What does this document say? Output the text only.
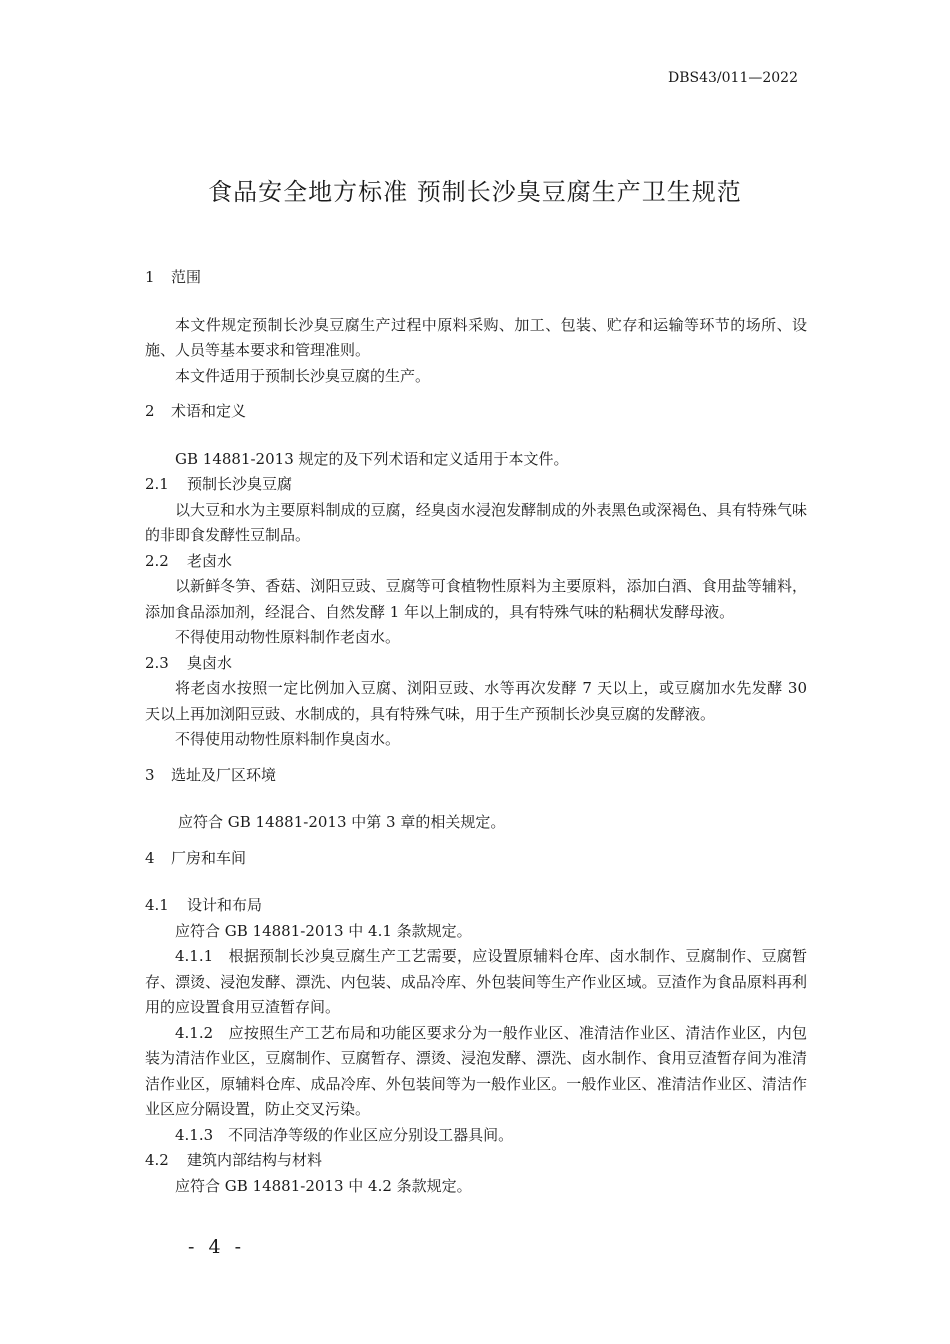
DBS43/011—2022
食品安全地方标准 预制长沙臭豆腐生产卫生规范

1 范围

本文件规定预制长沙臭豆腐生产过程中原料采购、加工、包装、贮存和运输等环节的场所、设施、人员等基本要求和管理准则。

本文件适用于预制长沙臭豆腐的生产。

2 术语和定义

GB 14881-2013 规定的及下列术语和定义适用于本文件。

2.1 预制长沙臭豆腐

以大豆和水为主要原料制成的豆腐，经臭卤水浸泡发酵制成的外表黑色或深褐色、具有特殊气味的非即食发酵性豆制品。

2.2 老卤水

以新鲜冬笋、香菇、浏阳豆豉、豆腐等可食植物性原料为主要原料，添加白酒、食用盐等辅料，添加食品添加剂，经混合、自然发酵 1 年以上制成的，具有特殊气味的粘稠状发酵母液。

不得使用动物性原料制作老卤水。

2.3 臭卤水

将老卤水按照一定比例加入豆腐、浏阳豆豉、水等再次发酵 7 天以上，或豆腐加水先发酵 30 天以上再加浏阳豆豉、水制成的，具有特殊气味，用于生产预制长沙臭豆腐的发酵液。

不得使用动物性原料制作臭卤水。

3 选址及厂区环境

应符合 GB 14881-2013 中第 3 章的相关规定。

4 厂房和车间

4.1 设计和布局

应符合 GB 14881-2013 中 4.1 条款规定。

4.1.1　根据预制长沙臭豆腐生产工艺需要，应设置原辅料仓库、卤水制作、豆腐制作、豆腐暂存、漂烫、浸泡发酵、漂洗、内包装、成品冷库、外包装间等生产作业区域。豆渣作为食品原料再利用的应设置食用豆渣暂存间。

4.1.2　应按照生产工艺布局和功能区要求分为一般作业区、准清洁作业区、清洁作业区，内包装为清洁作业区，豆腐制作、豆腐暂存、漂烫、浸泡发酵、漂洗、卤水制作、食用豆渣暂存间为准清洁作业区，原辅料仓库、成品冷库、外包装间等为一般作业区。一般作业区、准清洁作业区、清洁作业区应分隔设置，防止交叉污染。

4.1.3　不同洁净等级的作业区应分别设工器具间。

4.2 建筑内部结构与材料

应符合 GB 14881-2013 中 4.2 条款规定。

- 4 -
